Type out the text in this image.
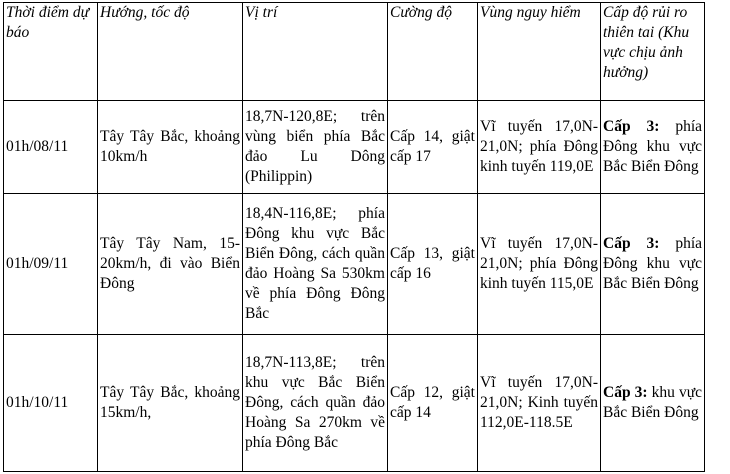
Thời điểm dự báo	Hướng, tốc độ	Vị trí	Cường độ	Vùng nguy hiểm	Cấp độ rủi ro thiên tai (Khu vực chịu ảnh hưởng)
01h/08/11	Tây Tây Bắc, khoảng 10km/h	18,7N-120,8E; trên vùng biển phía Bắc đảo Lu Dông (Philippin)	Cấp 14, giật cấp 17	Vĩ tuyến 17,0N-21,0N; phía Đông kinh tuyến 119,0E	Cấp 3: phía Đông khu vực Bắc Biển Đông

01h/09/11	Tây Tây Nam, 15-20km/h, đi vào Biển Đông	18,4N-116,8E; phía Đông khu vực Bắc Biển Đông, cách quần đảo Hoàng Sa 530km về phía Đông Đông Bắc	Cấp 13, giật cấp 16	Vĩ tuyến 17,0N-21,0N; phía Đông kinh tuyến 115,0E	Cấp 3: phía Đông khu vực Bắc Biển Đông

01h/10/11	Tây Tây Bắc, khoảng 15km/h,	18,7N-113,8E; trên khu vực Bắc Biển Đông, cách quần đảo Hoàng Sa 270km về phía Đông Bắc	Cấp 12, giật cấp 14	Vĩ tuyến 17,0N-21,0N; Kinh tuyến 112,0E-118.5E	Cấp 3: khu vực Bắc Biển Đông
